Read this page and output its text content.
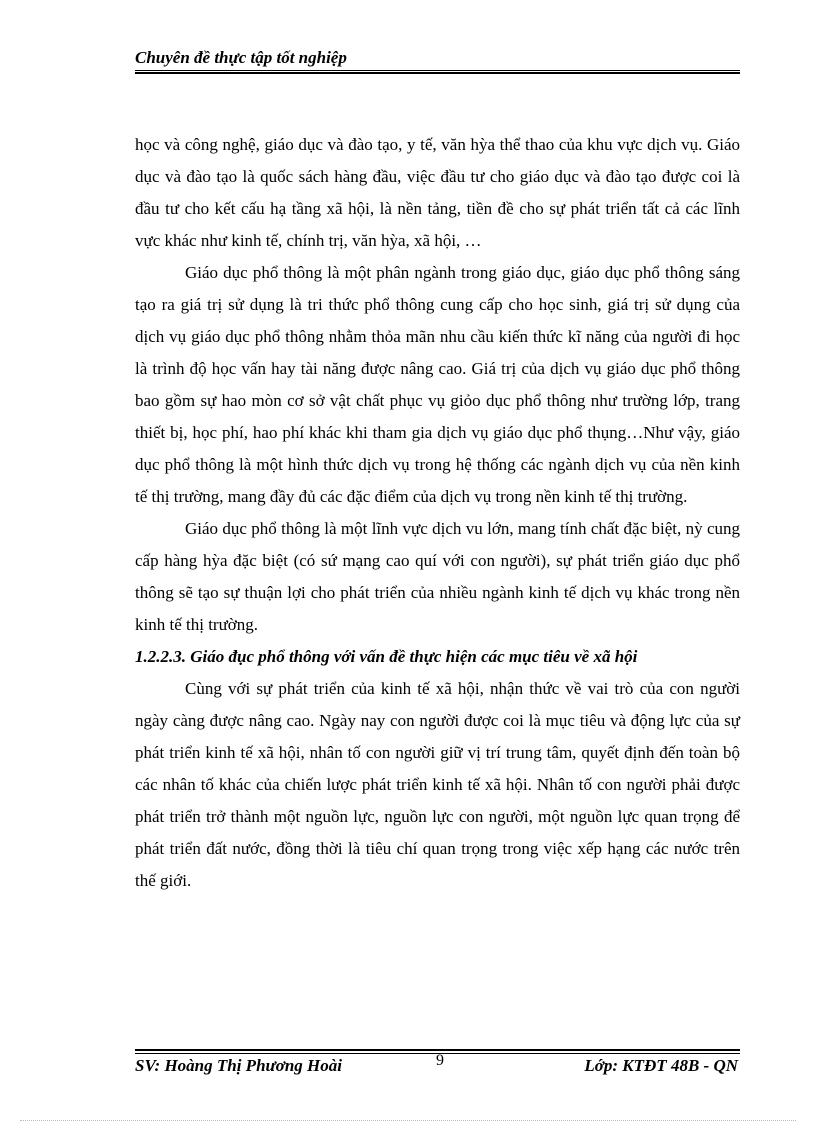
Chuyên đề thực tập tốt nghiệp

học và công nghệ, giáo dục và đào tạo, y tế, văn hỳa thể thao của khu vực dịch vụ. Giáo dục và đào tạo là quốc sách hàng đầu, việc đầu tư cho giáo dục và đào tạo được coi là đầu tư cho kết cấu hạ tầng xã hội, là nền tảng, tiền đề cho sự phát triển tất cả các lĩnh vực khác như kinh tế, chính trị, văn hỳa, xã hội, …

Giáo dục phổ thông là một phân ngành trong giáo dục, giáo dục phổ thông sáng tạo ra giá trị sử dụng là tri thức phổ thông cung cấp cho học sinh, giá trị sử dụng của dịch vụ giáo dục phổ thông nhằm thỏa mãn nhu cầu kiến thức kĩ năng của người đi học là trình độ học vấn hay tài năng được nâng cao. Giá trị của dịch vụ giáo dục phổ thông bao gồm sự hao mòn cơ sở vật chất phục vụ giỏo dục phổ thông như trường lớp, trang thiết bị, học phí, hao phí khác khi tham gia dịch vụ giáo dục phổ thụng…Như vậy, giáo dục phổ thông là một hình thức dịch vụ trong hệ thống các ngành dịch vụ của nền kinh tế thị trường, mang đầy đủ các đặc điểm của dịch vụ trong nền kinh tế thị trường.

Giáo dục phổ thông là một lĩnh vực dịch vu lớn, mang tính chất đặc biệt, nỳ cung cấp hàng hỳa đặc biệt (có sứ mạng cao quí với con người), sự phát triển giáo dục phổ thông sẽ tạo sự thuận lợi cho phát triển của nhiều ngành kinh tế dịch vụ khác trong nền kinh tế thị trường.

1.2.2.3. Giáo đục phổ thông với vấn đề thực hiện các mục tiêu về xã hội

Cùng với sự phát triển của kinh tế xã hội, nhận thức về vai trò của con người ngày càng được nâng cao. Ngày nay con người được coi là mục tiêu và động lực của sự phát triển kinh tế xã hội, nhân tố con người giữ vị trí trung tâm, quyết định đến toàn bộ các nhân tố khác của chiến lược phát triển kinh tế xã hội. Nhân tố con người phải được phát triển trở thành một nguồn lực, nguồn lực con người, một nguồn lực quan trọng để phát triển đất nước, đồng thời là tiêu chí quan trọng trong việc xếp hạng các nước trên thế giới.

SV: Hoàng Thị Phương Hoài	9	Lớp: KTĐT 48B - QN
